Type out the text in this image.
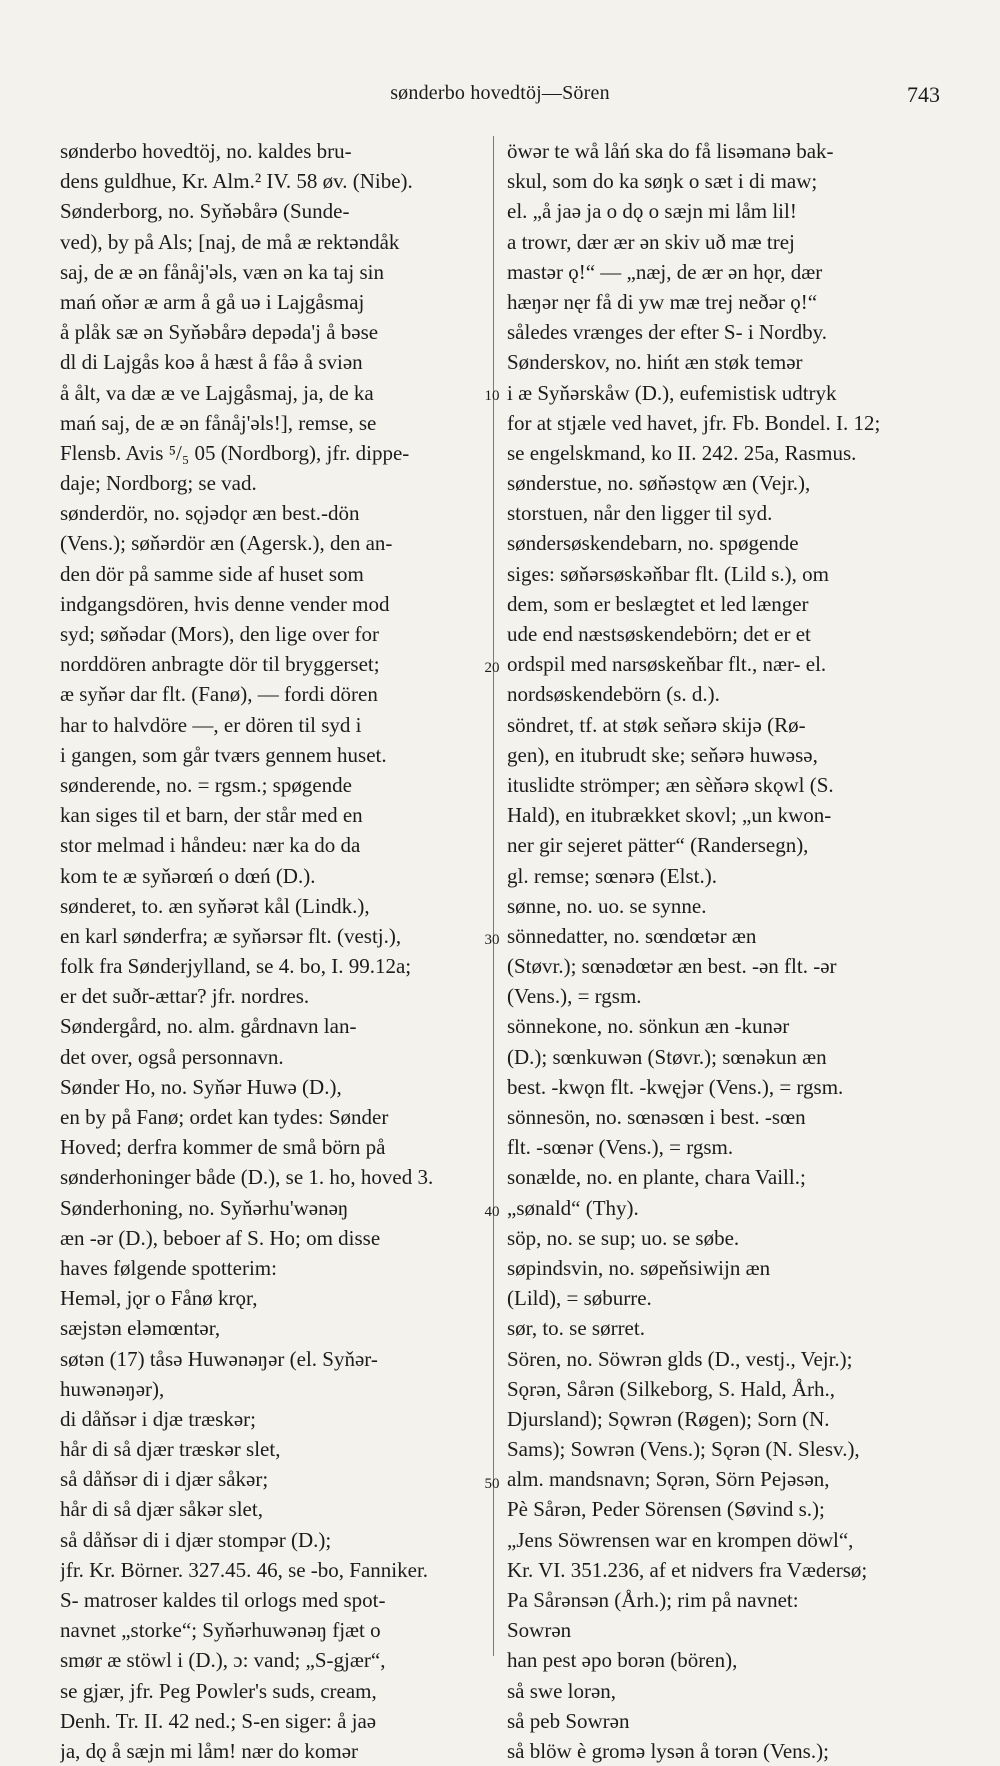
sønderbo hovedtöj—Sören	743
sønderbo hovedtöj, no. kaldes bru-
dens guldhue, Kr. Alm.² IV. 58 øv. (Nibe).
Sønderborg, no. Syňəbårə (Sunde-
ved), by på Als; [naj, de må æ rektəndåk
saj, de æ ən fånåj'əls, væn ən ka taj sin
mań oňər æ arm å gå uə i Lajgåsmaj
å plåk sæ ən Syňəbårə depəda'j å bəse
dl di Lajgås koə å hæst å fåə å sviən
å ålt, va dæ æ ve Lajgåsmaj, ja, de ka
mań saj, de æ ən fånåj'əls!], remse, se
Flensb. Avis ⁵/₅ 05 (Nordborg), jfr. dippe-
daje; Nordborg; se vad.
sønderdör, no. sǫjədǫr æn best.-dön
(Vens.); søňərdör æn (Agersk.), den an-
den dör på samme side af huset som
indgangsdören, hvis denne vender mod
syd; søňədar (Mors), den lige over for
norddören anbragte dör til bryggerset;
æ syňər dar flt. (Fanø), — fordi dören
har to halvdöre —, er dören til syd i
i gangen, som går tværs gennem huset.
sønderende, no. = rgsm.; spøgende
kan siges til et barn, der står med en
stor melmad i håndeu: nær ka do da
kom te æ syňərœń o dœń (D.).
sønderet, to. æn syňərət kål (Lindk.),
en karl sønderfra; æ syňərsər flt. (vestj.),
folk fra Sønderjylland, se 4. bo, I. 99.12a;
er det suðr-ættar? jfr. nordres.
Søndergård, no. alm. gårdnavn lan-
det over, også personnavn.
Sønder Ho, no. Syňər Huwə (D.),
en by på Fanø; ordet kan tydes: Sønder
Hoved; derfra kommer de små börn på
sønderhoninger både (D.), se 1. ho, hoved 3.
Sønderhoning, no. Syňərhu'wənəŋ
æn -ər (D.), beboer af S. Ho; om disse
haves følgende spotterim:
Heməl, jǫr o Fånø krǫr,
sæjstən eləmœntər,
søtən (17) tåsə Huwənəŋər (el. Syňər-
huwənəŋər),
di dåňsər i djæ træskər;
hår di så djær træskər slet,
så dåňsər di i djær såkər;
hår di så djær såkər slet,
så dåňsər di i djær stompər (D.);
jfr. Kr. Börner. 327.45. 46, se -bo, Fanniker.
S- matroser kaldes til orlogs med spot-
navnet „storke“; Syňərhuwənəŋ fjæt o
smør æ stöwl i (D.), ɔ: vand; „S-gjær“,
se gjær, jfr. Peg Powler's suds, cream,
Denh. Tr. II. 42 ned.; S-en siger: å jaə
ja, dǫ å sæjn mi låm! nær do komər
öwər te wå låń ska do få lisəmanə bak-
skul, som do ka søŋk o sæt i di maw;
el. „å jaə ja o dǫ o sæjn mi låm lil!
a trowr, dær ær ən skiv uð mæ trej
mastər ǫ!“ — „næj, de ær ən hǫr, dær
hæŋər nęr få di yw mæ trej neðər ǫ!“
således vrænges der efter S- i Nordby.
Sønderskov, no. hińt æn støk temər
i æ Syňərskåw (D.), eufemistisk udtryk
for at stjæle ved havet, jfr. Fb. Bondel. I. 12;
se engelskmand, ko II. 242. 25a, Rasmus.
sønderstue, no. søňəstǫw æn (Vejr.),
storstuen, når den ligger til syd.
søndersøskendebarn, no. spøgende
siges: søňərsøskəňbar flt. (Lild s.), om
dem, som er beslægtet et led længer
ude end næstsøskendebörn; det er et
ordspil med narsøskeňbar flt., nær- el.
nordsøskendebörn (s. d.).
söndret, tf. at støk seňərə skijə (Rø-
gen), en itubrudt ske; seňərə huwəsə,
ituslidte strömper; æn sèňərə skǫwl (S.
Hald), en itubrækket skovl; „un kwon-
ner gir sejeret pätter“ (Randersegn),
gl. remse; sœnərə (Elst.).
sønne, no. uo. se synne.
sönnedatter, no. sœndœtər æn
(Støvr.); sœnədœtər æn best. -ən flt. -ər
(Vens.), = rgsm.
sönnekone, no. sönkun æn -kunər
(D.); sœnkuwən (Støvr.); sœnəkun æn
best. -kwǫn flt. -kwęjər (Vens.), = rgsm.
sönnesön, no. sœnəsœn i best. -sœn
flt. -sœnər (Vens.), = rgsm.
sonælde, no. en plante, chara Vaill.;
„sønald“ (Thy).
söp, no. se sup; uo. se søbe.
søpindsvin, no. søpeňsiwijn æn
(Lild), = søburre.
sør, to. se sørret.
Sören, no. Söwrən glds (D., vestj., Vejr.);
Sǫrən, Sårən (Silkeborg, S. Hald, Årh.,
Djursland); Sǫwrən (Røgen); Sorn (N.
Sams); Sowrən (Vens.); Sǫrən (N. Slesv.),
alm. mandsnavn; Sǫrən, Sörn Pejəsən,
Pè Sårən, Peder Sörensen (Søvind s.);
„Jens Söwrensen war en krompen döwl“,
Kr. VI. 351.236, af et nidvers fra Vædersø;
Pa Sårənsən (Årh.); rim på navnet:
Sowrən
han pest əpo borən (bören),
så swe lorən,
så peb Sowrən
så blöw è gromə lysən å torən (Vens.);
10
20
30
40
50
